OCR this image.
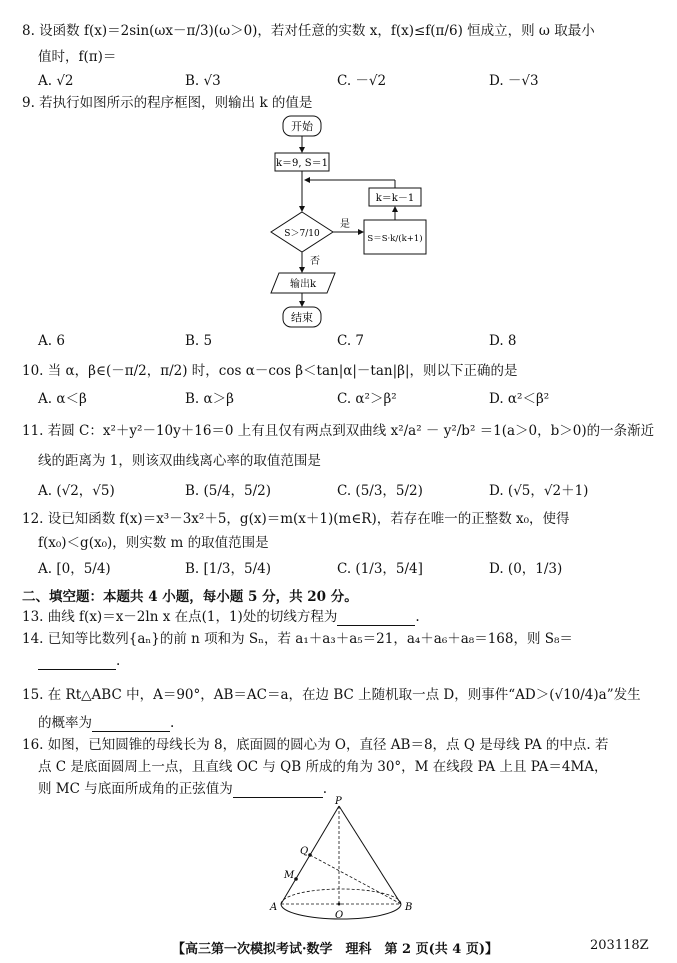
8. 设函数 f(x)＝2sin(ωx－π/3)(ω＞0)，若对任意的实数 x，f(x)≤f(π/6) 恒成立，则 ω 取最小
值时，f(π)＝
A. √2	B. √3	C. －√2	D. －√3
9. 若执行如图所示的程序框图，则输出 k 的值是
开始
k＝9, S＝1
k＝k－1
S＞7/10
是
S＝S·k/(k+1)
否
输出k
结束
A. 6	B. 5	C. 7	D. 8
10. 当 α，β∈(－π/2，π/2) 时，cos α－cos β＜tan|α|－tan|β|，则以下正确的是
A. α＜β	B. α＞β	C. α²＞β²	D. α²＜β²
11. 若圆 C：x²＋y²－10y＋16＝0 上有且仅有两点到双曲线 x²/a² － y²/b² ＝1(a＞0，b＞0)的一条渐近
线的距离为 1，则该双曲线离心率的取值范围是
A. (√2，√5)	B. (5/4，5/2)	C. (5/3，5/2)	D. (√5，√2＋1)
12. 设已知函数 f(x)＝x³－3x²＋5，g(x)＝m(x＋1)(m∈R)，若存在唯一的正整数 x₀，使得
f(x₀)＜g(x₀)，则实数 m 的取值范围是
A. [0，5/4)	B. [1/3，5/4)	C. (1/3，5/4]	D. (0，1/3)
二、填空题：本题共 4 小题，每小题 5 分，共 20 分。
13. 曲线 f(x)＝x－2ln x 在点(1，1)处的切线方程为	.
14. 已知等比数列{aₙ}的前 n 项和为 Sₙ，若 a₁＋a₃＋a₅＝21，a₄＋a₆＋a₈＝168，则 S₈＝
.
15. 在 Rt△ABC 中，A＝90°，AB＝AC＝a，在边 BC 上随机取一点 D，则事件“AD＞(√10/4)a”发生
的概率为	.
16. 如图，已知圆锥的母线长为 8，底面圆的圆心为 O，直径 AB＝8，点 Q 是母线 PA 的中点. 若
点 C 是底面圆周上一点，且直线 OC 与 QB 所成的角为 30°，M 在线段 PA 上且 PA＝4MA，
则 MC 与底面所成角的正弦值为	.
P
Q
M
A
O
B
【高三第一次模拟考试·数学　理科　第 2 页(共 4 页)】	203118Z
